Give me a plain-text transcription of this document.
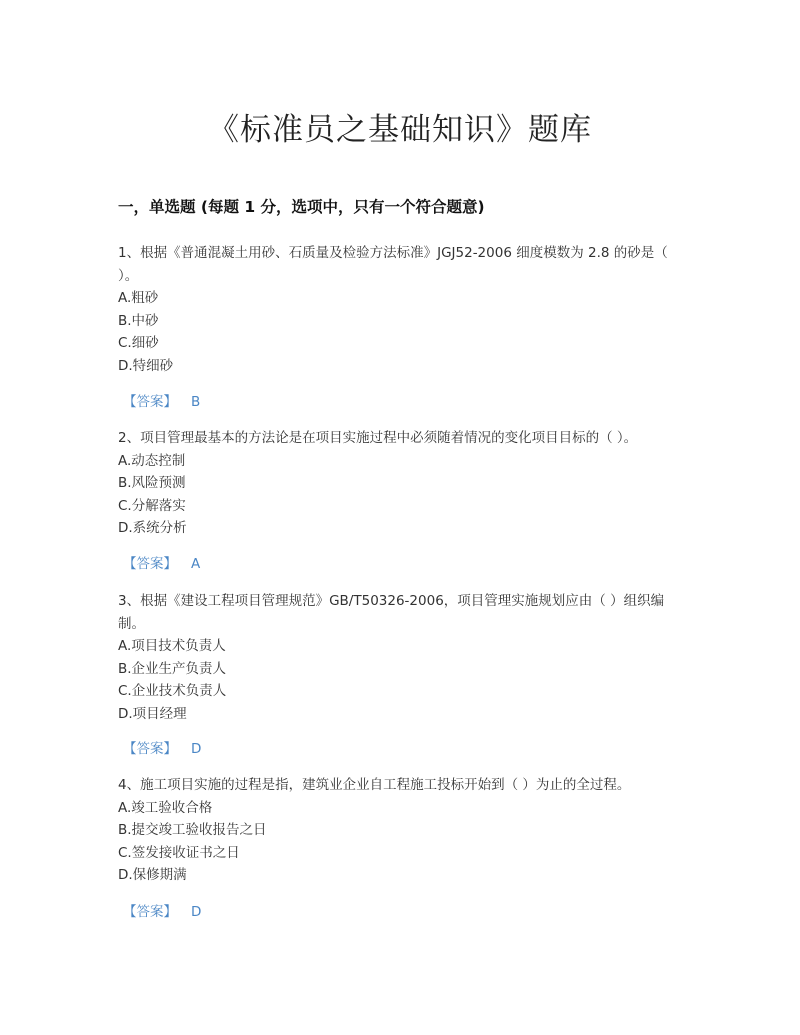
《标准员之基础知识》题库
一，单选题 (每题 1 分，选项中，只有一个符合题意)

1、根据《普通混凝土用砂、石质量及检验方法标准》JGJ52-2006 细度模数为 2.8 的砂是（ ）。

A.粗砂

B.中砂

C.细砂

D.特细砂

【答案】 B

2、项目管理最基本的方法论是在项目实施过程中必须随着情况的变化项目目标的（ ）。

A.动态控制

B.风险预测

C.分解落实

D.系统分析

【答案】 A

3、根据《建设工程项目管理规范》GB/T50326-2006，项目管理实施规划应由（ ）组织编制。

A.项目技术负责人

B.企业生产负责人

C.企业技术负责人

D.项目经理

【答案】 D

4、施工项目实施的过程是指，建筑业企业自工程施工投标开始到（ ）为止的全过程。

A.竣工验收合格

B.提交竣工验收报告之日

C.签发接收证书之日

D.保修期满

【答案】 D
